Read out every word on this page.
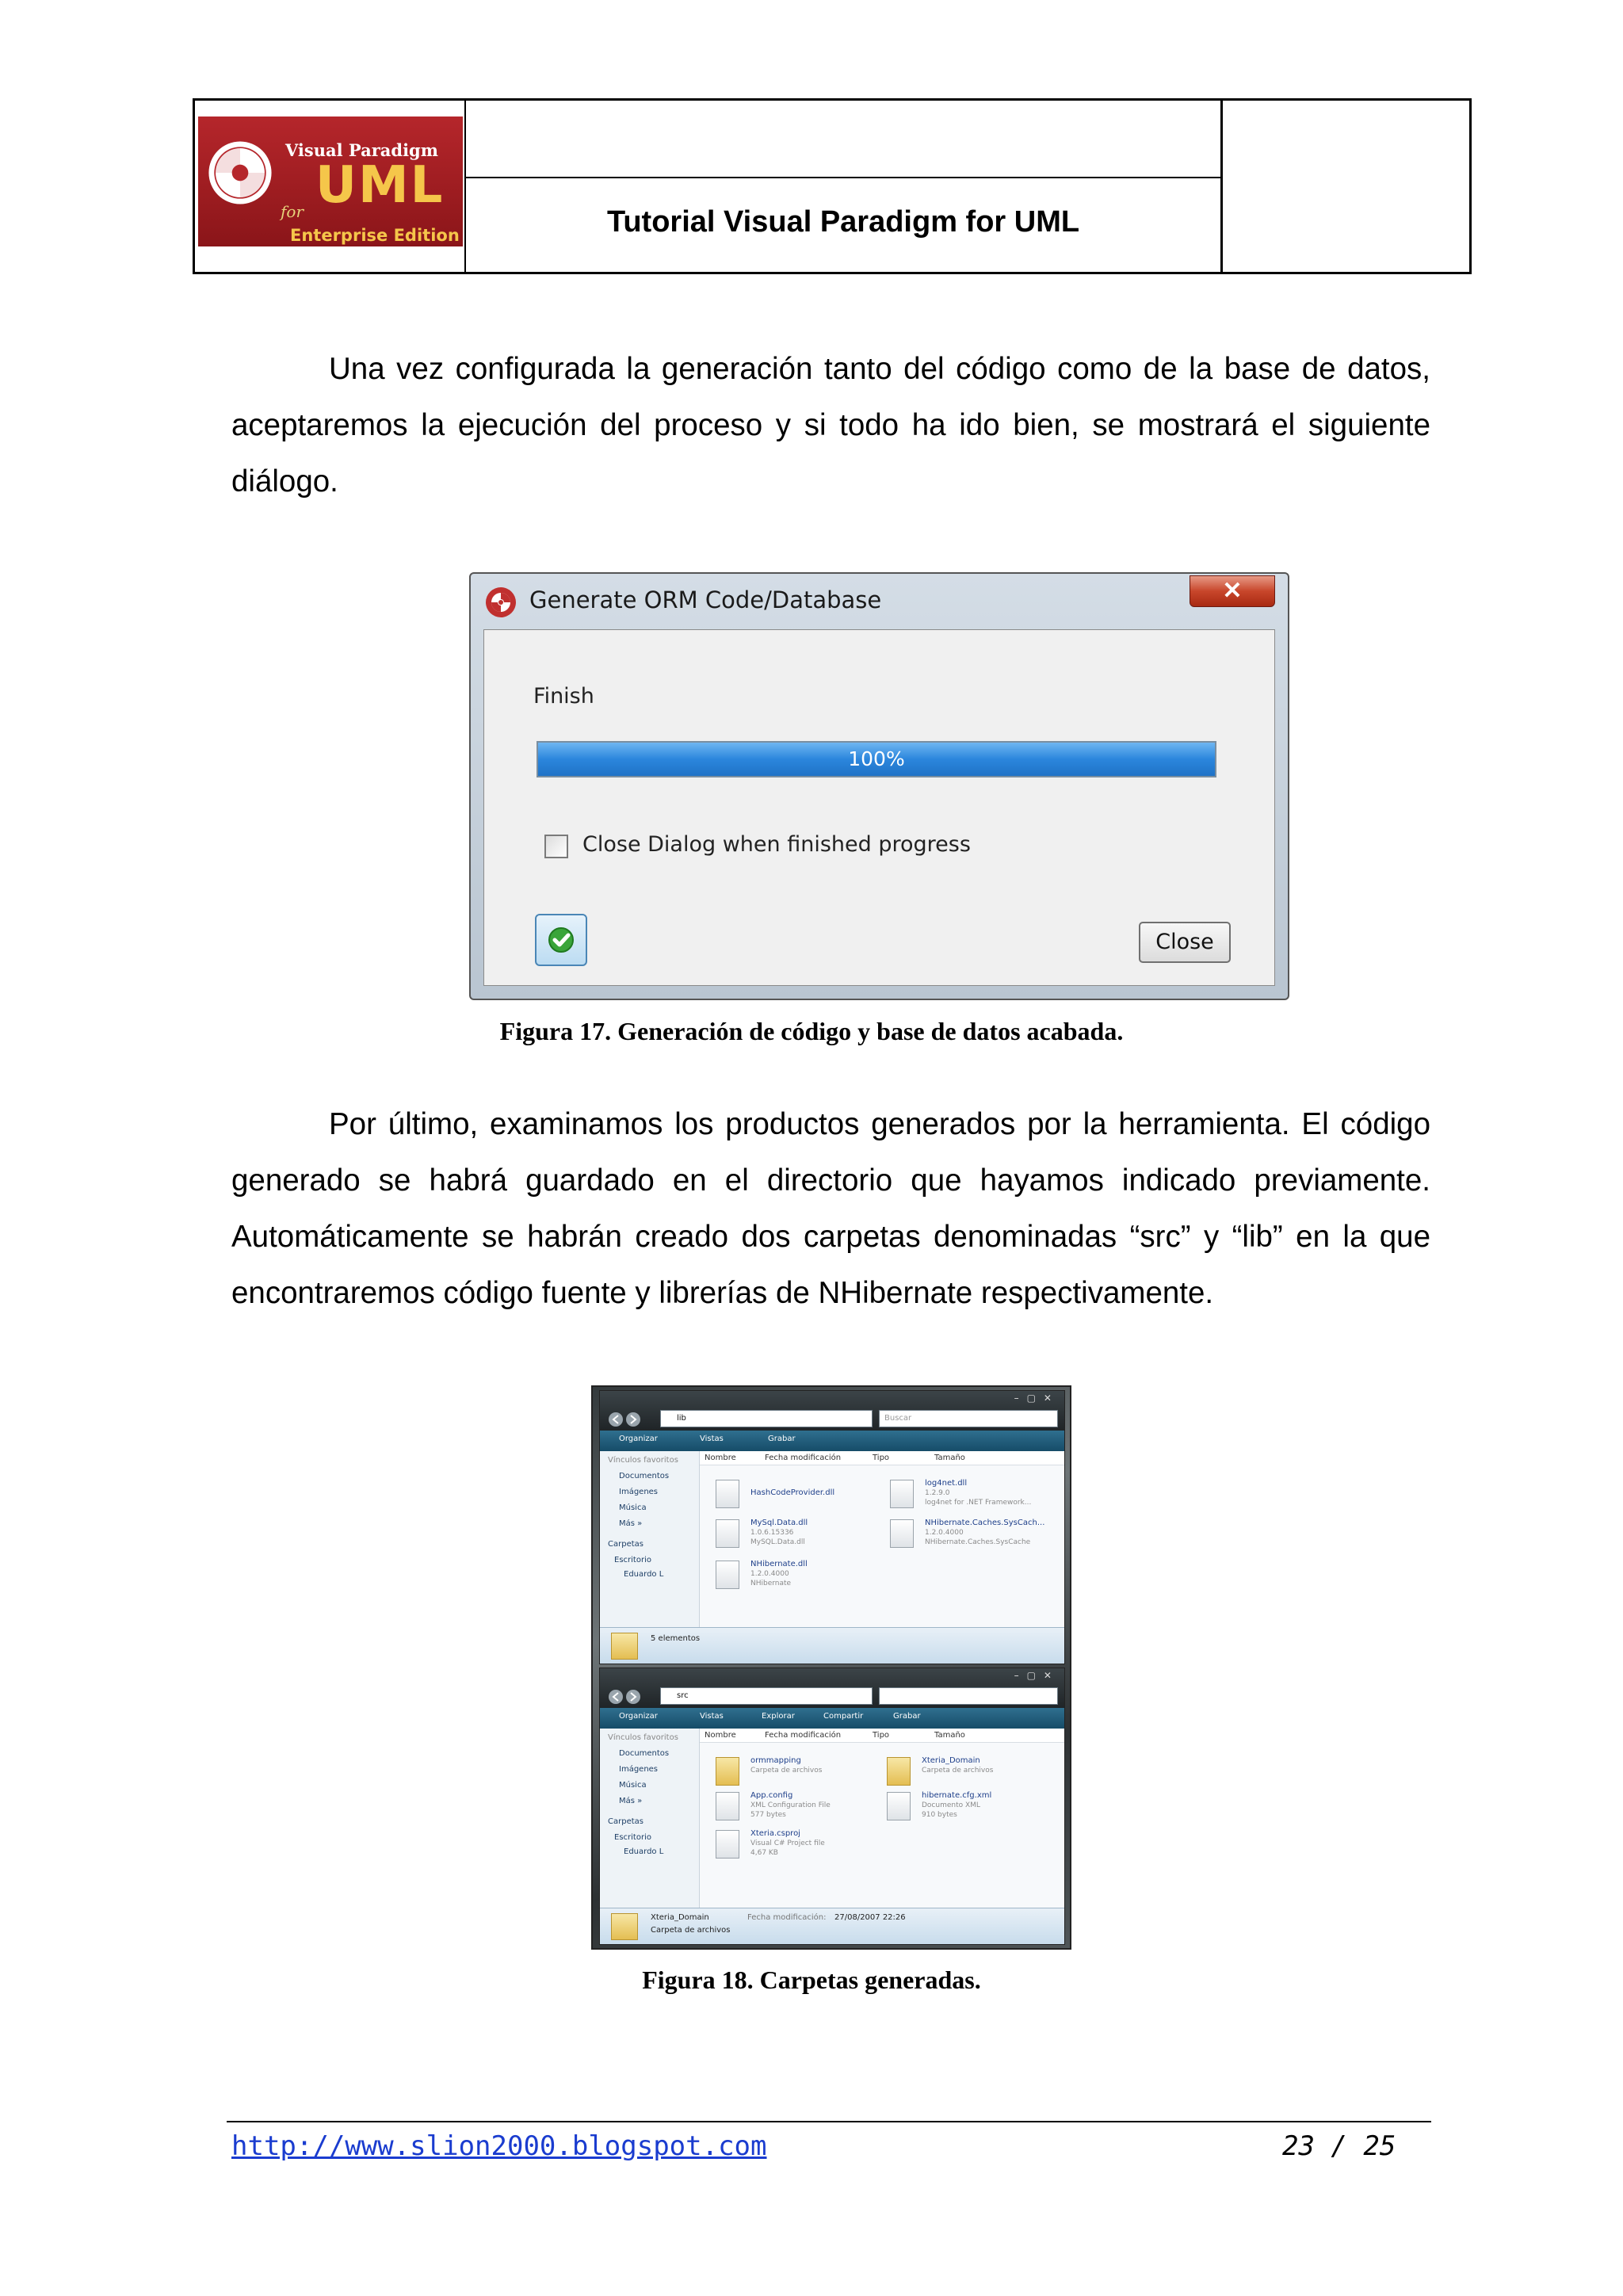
Visual Paradigm
UML
for
Enterprise Edition	Tutorial Visual Paradigm for UML

Una vez configurada la generación tanto del código como de la base de datos, aceptaremos la ejecución del proceso y si todo ha ido bien, se mostrará el siguiente diálogo.

Generate ORM Code/Database	✕
Finish
100%
Close Dialog when finished progress
Close
Figura 17. Generación de código y base de datos acabada.

Por último, examinamos los productos generados por la herramienta. El código generado se habrá guardado en el directorio que hayamos indicado previamente. Automáticamente se habrán creado dos carpetas denominadas “src” y “lib” en la que encontraremos código fuente y librerías de NHibernate respectivamente.

–▢✕
lib	Buscar
Organizar	Vistas	Grabar
Vínculos favoritos
Documentos
Imágenes
Música
Más »
Carpetas
Escritorio
Eduardo L
Nombre	Fecha modificación	Tipo	Tamaño
HashCodeProvider.dll
MySql.Data.dll
1.0.6.15336
MySQL.Data.dll
NHibernate.dll
1.2.0.4000
NHibernate
log4net.dll
1.2.9.0
log4net for .NET Framework...
NHibernate.Caches.SysCach...
1.2.0.4000
NHibernate.Caches.SysCache
5 elementos
–▢✕
src
Organizar	Vistas	Explorar	Compartir	Grabar
Vínculos favoritos
Documentos
Imágenes
Música
Más »
Carpetas
Escritorio
Eduardo L
Nombre	Fecha modificación	Tipo	Tamaño
ormmapping
Carpeta de archivos
App.config
XML Configuration File
577 bytes
Xteria.csproj
Visual C# Project file
4,67 KB
Xteria_Domain
Carpeta de archivos
hibernate.cfg.xml
Documento XML
910 bytes
Xteria_Domain
Carpeta de archivos
Fecha modificación: 27/08/2007 22:26
Figura 18. Carpetas generadas.
http://www.slion2000.blogspot.com	23 / 25
